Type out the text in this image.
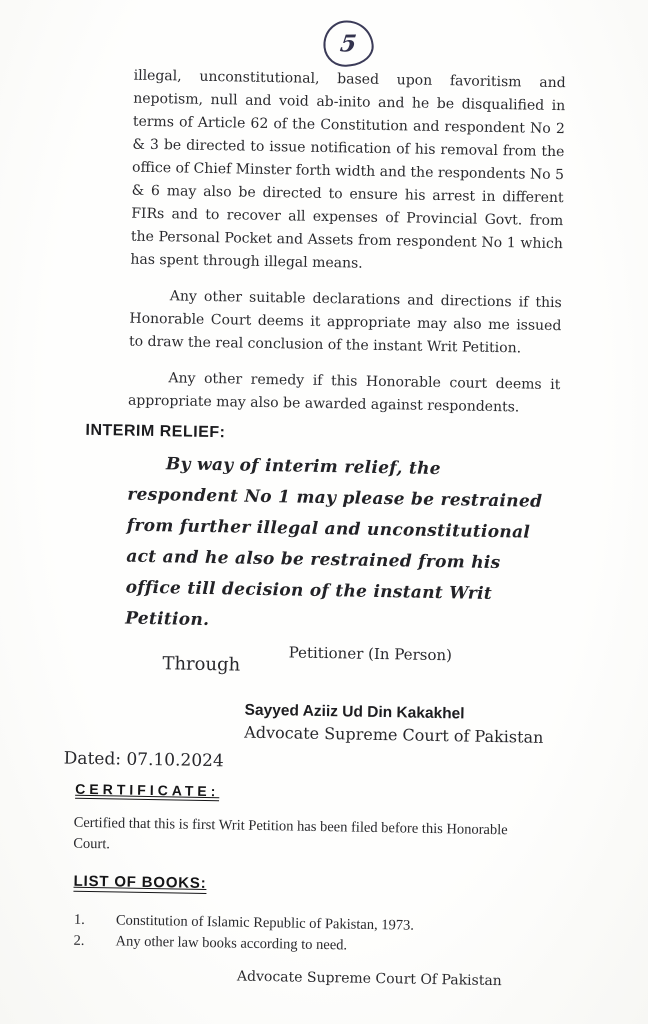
5

illegal, unconstitutional, based upon favoritism and nepotism, null and void ab-inito and he be disqualified in terms of Article 62 of the Constitution and respondent No 2 & 3 be directed to issue notification of his removal from the office of Chief Minster forth width and the respondents No 5 & 6 may also be directed to ensure his arrest in different FIRs and to recover all expenses of Provincial Govt. from the Personal Pocket and Assets from respondent No 1 which has spent through illegal means.

Any other suitable declarations and directions if this Honorable Court deems it appropriate may also me issued to draw the real conclusion of the instant Writ Petition.

Any other remedy if this Honorable court deems it appropriate may also be awarded against respondents.

INTERIM RELIEF:

By way of interim relief, the respondent No 1 may please be restrained from further illegal and unconstitutional act and he also be restrained from his office till decision of the instant Writ Petition.

Petitioner (In Person)
Through
Sayyed Aziiz Ud Din Kakakhel
Advocate Supreme Court of Pakistan
Dated: 07.10.2024
CERTIFICATE:

Certified that this is first Writ Petition has been filed before this Honorable Court.

LIST OF BOOKS:
1.	Constitution of Islamic Republic of Pakistan, 1973.
2.	Any other law books according to need.
Advocate Supreme Court Of Pakistan
